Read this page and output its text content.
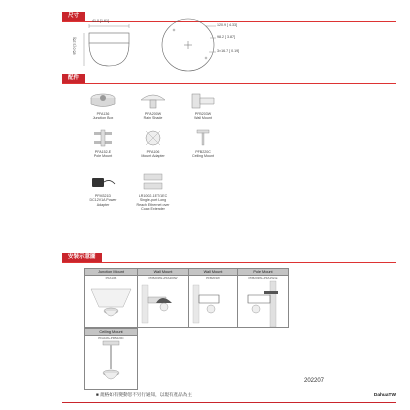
尺寸
41.0 [1.61]
85.0 [3.35]
120.9 [ 4.33]
98.2 [ 3.87]
3×16.7 [ 0.19]
配件
PFA136
Junction Box
PFA200W
Rain Shade
PFB203W
Wall Mount
PFA152-E
Pole Mount
PFA106
Mount Adapter
PFB220C
Ceiling Mount
PFM321D
DC12V1A Power
Adapter
LR1002-1ET/1EC
Single-port Long
Reach Ethernet over
Coax Extender
安裝示意圖
Junction Mount
PFA136
Wall Mount
PFB203W+PFA200W
Wall Mount
PFB203W
Pole Mount
PFB203W+PFA152-E
Ceiling Mount
PFA106+PFB220C
202207
■ 規格如有變動恕不另行通知，以現有產品為主	DahuaTW
